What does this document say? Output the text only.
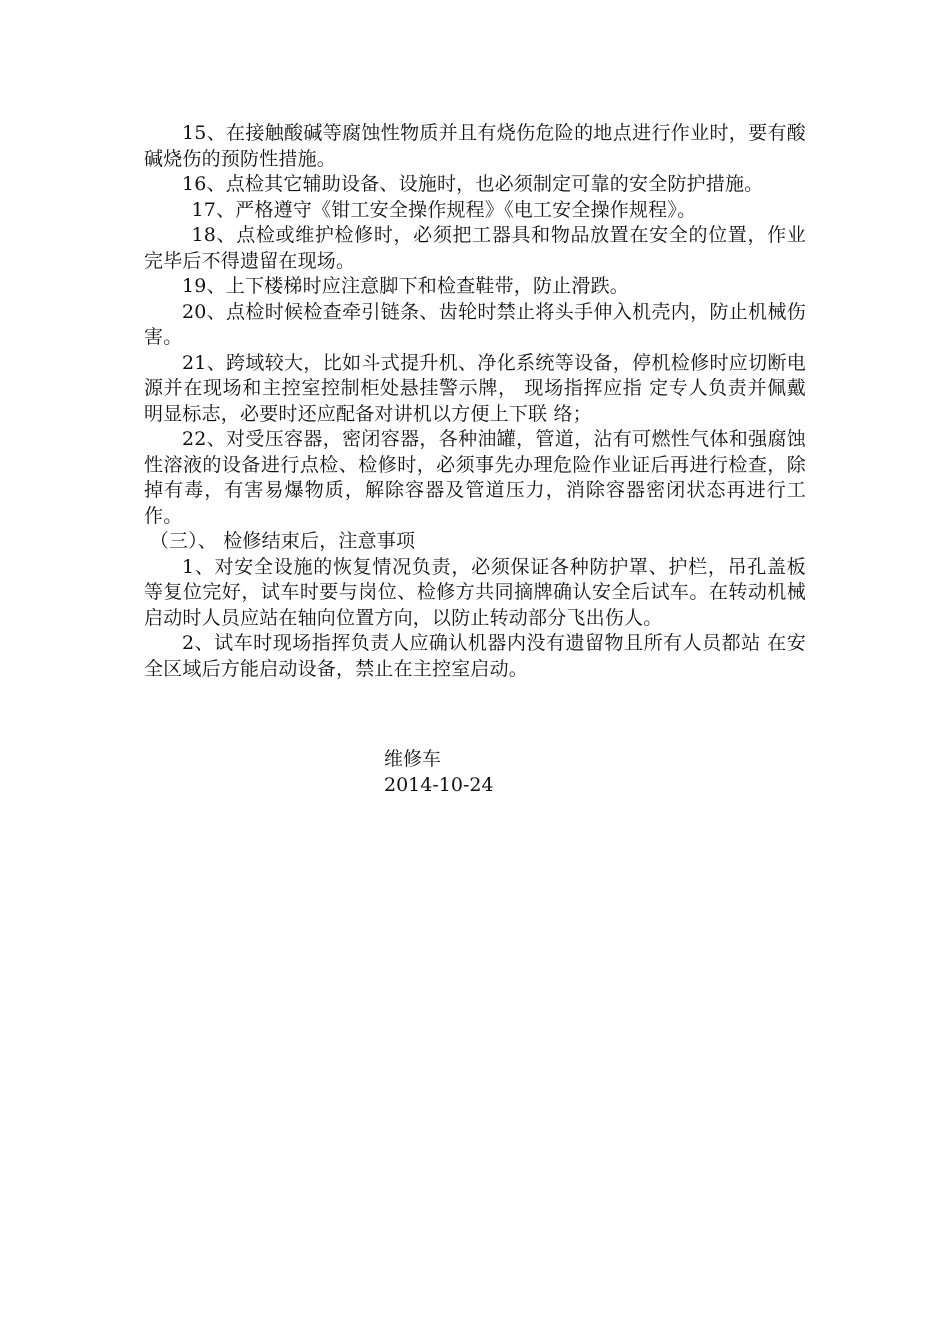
15、在接触酸碱等腐蚀性物质并且有烧伤危险的地点进行作业时，要有酸碱烧伤的预防性措施。

16、点检其它辅助设备、设施时，也必须制定可靠的安全防护措施。

17、严格遵守《钳工安全操作规程》《电工安全操作规程》。

18、点检或维护检修时，必须把工器具和物品放置在安全的位置，作业完毕后不得遗留在现场。

19、上下楼梯时应注意脚下和检查鞋带，防止滑跌。

20、点检时候检查牵引链条、齿轮时禁止将头手伸入机壳内，防止机械伤害。

21、跨域较大，比如斗式提升机、净化系统等设备，停机检修时应切断电源并在现场和主控室控制柜处悬挂警示牌， 现场指挥应指 定专人负责并佩戴明显标志，必要时还应配备对讲机以方便上下联 络；

22、对受压容器，密闭容器，各种油罐，管道，沾有可燃性气体和强腐蚀性溶液的设备进行点检、检修时，必须事先办理危险作业证后再进行检查，除掉有毒，有害易爆物质，解除容器及管道压力，消除容器密闭状态再进行工作。

（三）、 检修结束后，注意事项

1、对安全设施的恢复情况负责，必须保证各种防护罩、护栏，吊孔盖板等复位完好，试车时要与岗位、检修方共同摘牌确认安全后试车。在转动机械启动时人员应站在轴向位置方向，以防止转动部分飞出伤人。

2、试车时现场指挥负责人应确认机器内没有遗留物且所有人员都站 在安全区域后方能启动设备，禁止在主控室启动。

维修车
2014-10-24
